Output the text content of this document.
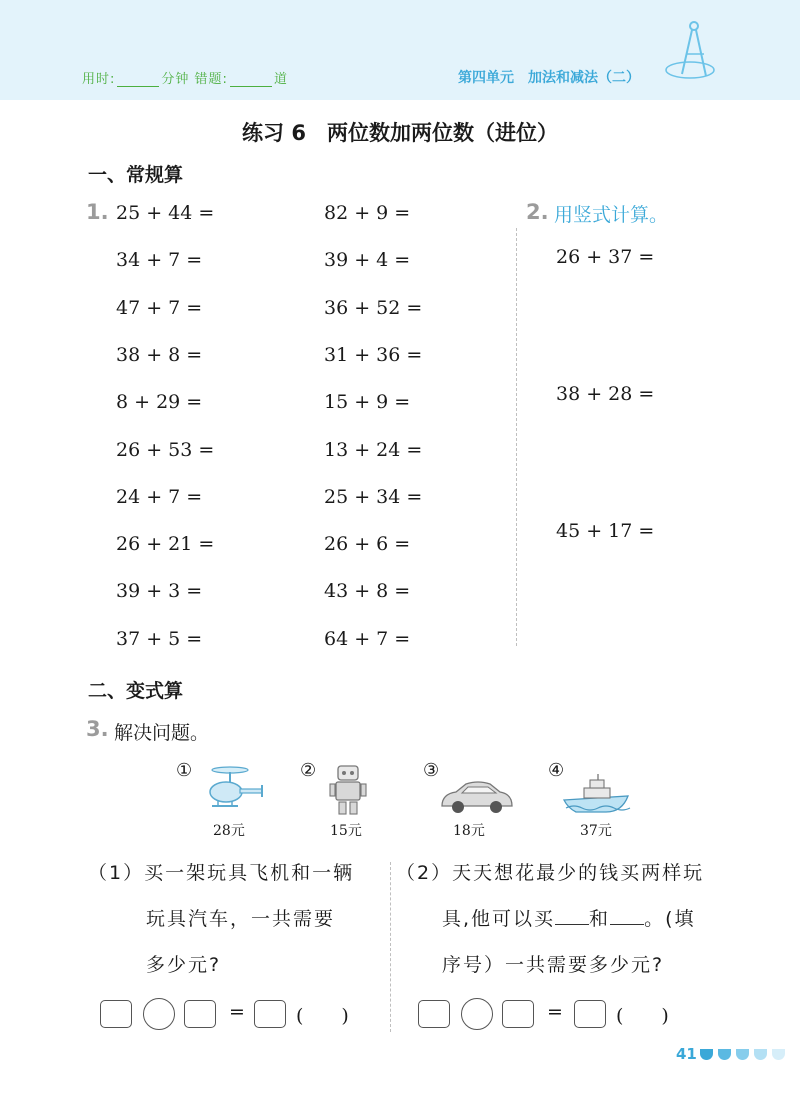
用时:	分钟 错题:	道	第四单元　加法和减法（二）
练习 6　两位数加两位数（进位）
一、常规算
1. 25 + 44 =
34 + 7 =
47 + 7 =
38 + 8 =
8 + 29 =
26 + 53 =
24 + 7 =
26 + 21 =
39 + 3 =
37 + 5 =
82 + 9 =
39 + 4 =
36 + 52 =
31 + 36 =
15 + 9 =
13 + 24 =
25 + 34 =
26 + 6 =
43 + 8 =
64 + 7 =
2. 用竖式计算。
26 + 37 =
38 + 28 =
45 + 17 =
二、变式算
3. 解决问题。
①
28元
②
15元
③
18元
④
37元
（1）买一架玩具飞机和一辆
玩具汽车，一共需要
多少元?
（2）天天想花最少的钱买两样玩
具,他可以买 和 。(填
序号）一共需要多少元?
=	(　　)	=	(　　)
41
